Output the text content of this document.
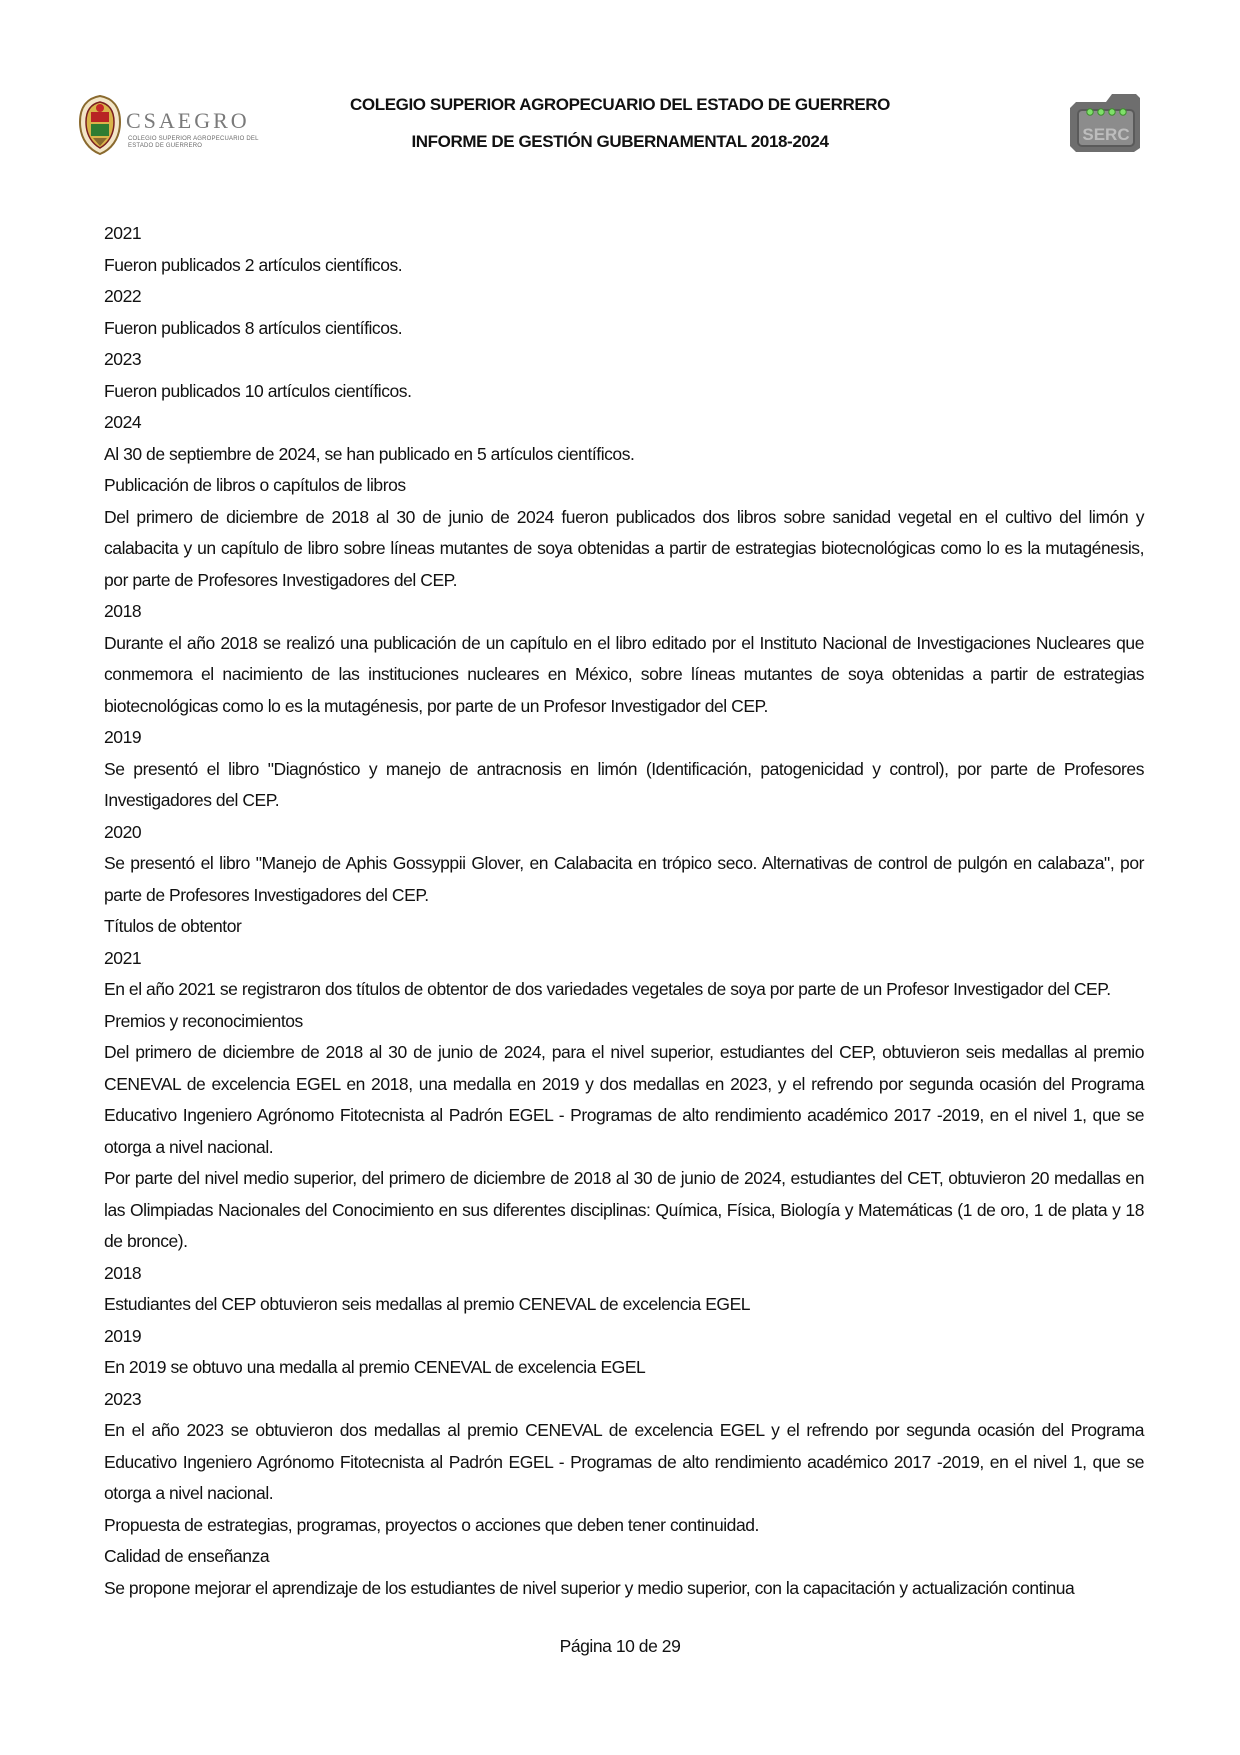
CSAEGRO
COLEGIO SUPERIOR AGROPECUARIO DEL ESTADO DE GUERRERO
COLEGIO SUPERIOR AGROPECUARIO DEL ESTADO DE GUERRERO
INFORME DE GESTIÓN GUBERNAMENTAL 2018-2024	SERC

2021

Fueron publicados 2 artículos científicos.

2022

Fueron publicados 8 artículos científicos.

2023

Fueron publicados 10 artículos científicos.

2024

Al 30 de septiembre de 2024, se han publicado en 5 artículos científicos.

Publicación de libros o capítulos de libros

Del primero de diciembre de 2018 al 30 de junio de 2024 fueron publicados dos libros sobre sanidad vegetal en el cultivo del limón y calabacita y un capítulo de libro sobre líneas mutantes de soya obtenidas a partir de estrategias biotecnológicas como lo es la mutagénesis, por parte de Profesores Investigadores del CEP.

2018

Durante el año 2018 se realizó una publicación de un capítulo en el libro editado por el Instituto Nacional de Investigaciones Nucleares que conmemora el nacimiento de las instituciones nucleares en México, sobre líneas mutantes de soya obtenidas a partir de estrategias biotecnológicas como lo es la mutagénesis, por parte de un Profesor Investigador del CEP.

2019

Se presentó el libro "Diagnóstico y manejo de antracnosis en limón (Identificación, patogenicidad y control), por parte de Profesores Investigadores del CEP.

2020

Se presentó el libro "Manejo de Aphis Gossyppii Glover, en Calabacita en trópico seco. Alternativas de control de pulgón en calabaza", por parte de Profesores Investigadores del CEP.

Títulos de obtentor

2021

En el año 2021 se registraron dos títulos de obtentor de dos variedades vegetales de soya por parte de un Profesor Investigador del CEP.

Premios y reconocimientos

Del primero de diciembre de 2018 al 30 de junio de 2024, para el nivel superior, estudiantes del CEP, obtuvieron seis medallas al premio CENEVAL de excelencia EGEL en 2018, una medalla en 2019 y dos medallas en 2023, y el refrendo por segunda ocasión del Programa Educativo Ingeniero Agrónomo Fitotecnista al Padrón EGEL - Programas de alto rendimiento académico 2017 -2019, en el nivel 1, que se otorga a nivel nacional.

Por parte del nivel medio superior, del primero de diciembre de 2018 al 30 de junio de 2024, estudiantes del CET, obtuvieron 20 medallas en las Olimpiadas Nacionales del Conocimiento en sus diferentes disciplinas: Química, Física, Biología y Matemáticas (1 de oro, 1 de plata y 18 de bronce).

2018

Estudiantes del CEP obtuvieron seis medallas al premio CENEVAL de excelencia EGEL

2019

En 2019 se obtuvo una medalla al premio CENEVAL de excelencia EGEL

2023

En el año 2023 se obtuvieron dos medallas al premio CENEVAL de excelencia EGEL y el refrendo por segunda ocasión del Programa Educativo Ingeniero Agrónomo Fitotecnista al Padrón EGEL - Programas de alto rendimiento académico 2017 -2019, en el nivel 1, que se otorga a nivel nacional.

Propuesta de estrategias, programas, proyectos o acciones que deben tener continuidad.

Calidad de enseñanza

Se propone mejorar el aprendizaje de los estudiantes de nivel superior y medio superior, con la capacitación y actualización continua

Página 10 de 29
